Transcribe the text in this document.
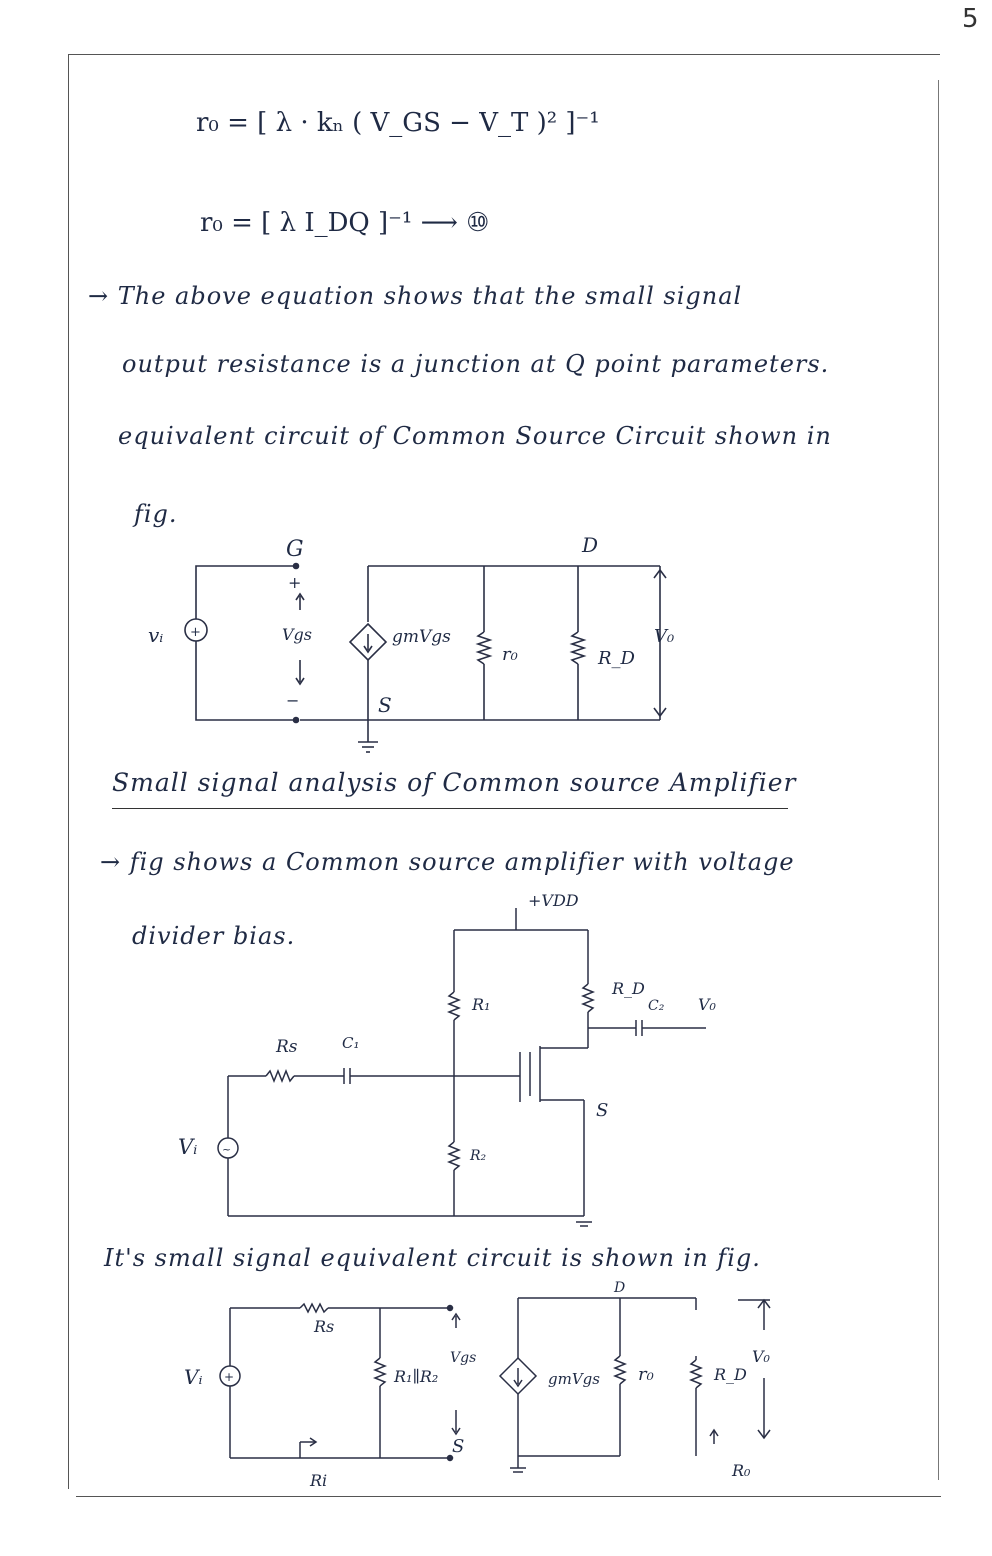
5
r₀ = [ λ · kₙ ( V_GS − V_T )² ]⁻¹
r₀ = [ λ I_DQ ]⁻¹ ⟶ ⑩
→ The above equation shows that the small signal
output resistance is a junction at Q point parameters.
equivalent circuit of Common Source Circuit shown in
fig.
+
vᵢ
G	D
+
−
Vgs	gmVgs
r₀	R_D
V₀
S
Small signal analysis of Common source Amplifier
→ fig shows a Common source amplifier with voltage
divider bias.
~
+VDD
R₁
R₂
R_D
C₂ V₀
Rs	C₁
Vᵢ
S
It's small signal equivalent circuit is shown in fig.
+
Rs
Vᵢ	R₁∥R₂
Vgs
S
D
gmVgs r₀	R_D
V₀
Ri
R₀
